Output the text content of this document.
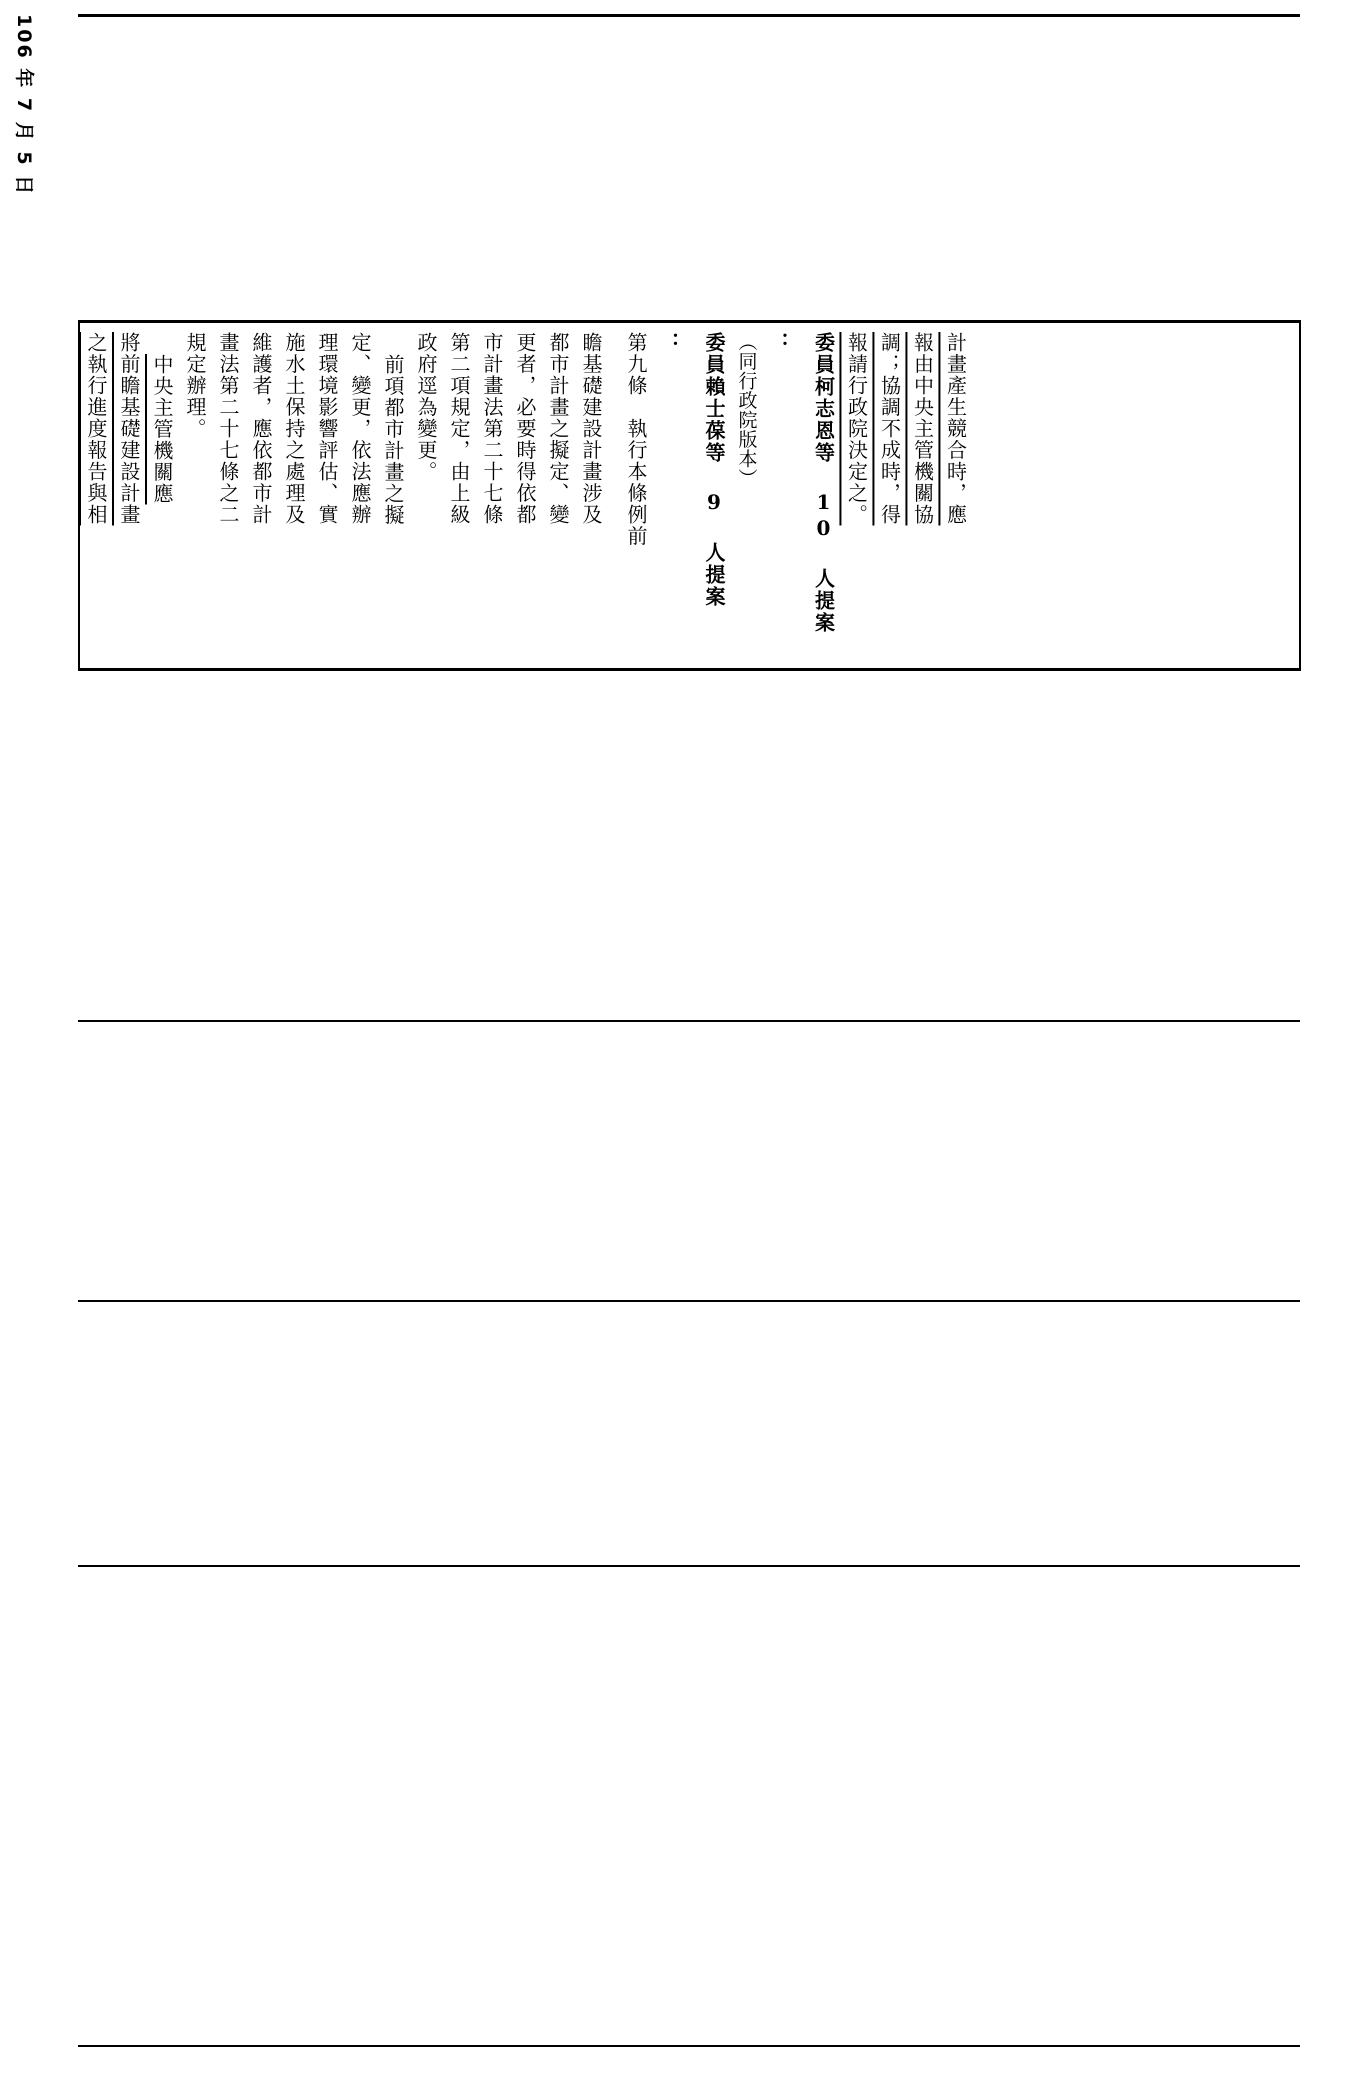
106 年 7 月 5 日
計畫產生競合時，應
報由中央主管機關協
調；協調不成時，得
報請行政院決定之。
委員柯志恩等 10 人提案
：
（同行政院版本）
委員賴士葆等 9 人提案
：
第九條　執行本條例前
瞻基礎建設計畫涉及
都市計畫之擬定、變
更者，必要時得依都
市計畫法第二十七條
第二項規定，由上級
政府逕為變更。
前項都市計畫之擬
定、變更，依法應辦
理環境影響評估、實
施水土保持之處理及
維護者，應依都市計
畫法第二十七條之二
規定辦理。
中央主管機關應
將前瞻基礎建設計畫
之執行進度報告與相
